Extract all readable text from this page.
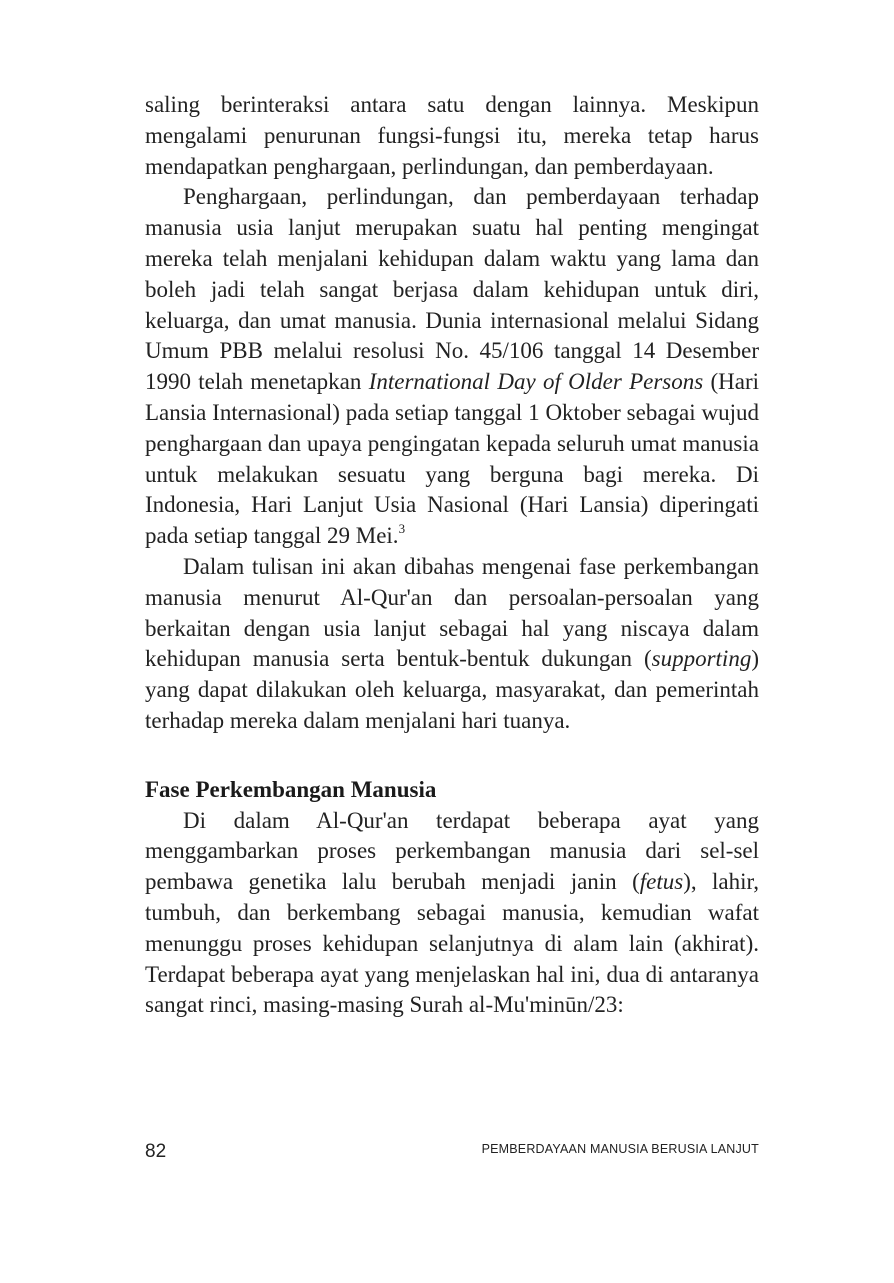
saling berinteraksi antara satu dengan lainnya. Meskipun mengalami penurunan fungsi-fungsi itu, mereka tetap harus mendapatkan penghargaan, perlindungan, dan pemberdayaan.

Penghargaan, perlindungan, dan pemberdayaan terhadap manusia usia lanjut merupakan suatu hal penting mengingat mereka telah menjalani kehidupan dalam waktu yang lama dan boleh jadi telah sangat berjasa dalam kehidupan untuk diri, keluarga, dan umat manusia. Dunia internasional melalui Sidang Umum PBB melalui resolusi No. 45/106 tanggal 14 Desember 1990 telah menetapkan International Day of Older Persons (Hari Lansia Internasional) pada setiap tanggal 1 Oktober sebagai wujud penghargaan dan upaya pengingatan kepada seluruh umat manusia untuk melakukan sesuatu yang berguna bagi mereka. Di Indonesia, Hari Lanjut Usia Nasional (Hari Lansia) diperingati pada setiap tanggal 29 Mei.$^3$

Dalam tulisan ini akan dibahas mengenai fase perkembangan manusia menurut Al-Qur'an dan persoalan-persoalan yang berkaitan dengan usia lanjut sebagai hal yang niscaya dalam kehidupan manusia serta bentuk-bentuk dukungan (supporting) yang dapat dilakukan oleh keluarga, masyarakat, dan pemerintah terhadap mereka dalam menjalani hari tuanya.

Fase Perkembangan Manusia

Di dalam Al-Qur'an terdapat beberapa ayat yang menggambarkan proses perkembangan manusia dari sel-sel pembawa genetika lalu berubah menjadi janin (fetus), lahir, tumbuh, dan berkembang sebagai manusia, kemudian wafat menunggu proses kehidupan selanjutnya di alam lain (akhirat). Terdapat beberapa ayat yang menjelaskan hal ini, dua di antaranya sangat rinci, masing-masing Surah al-Mu'minūn/23:

82	PEMBERDAYAAN MANUSIA BERUSIA LANJUT
